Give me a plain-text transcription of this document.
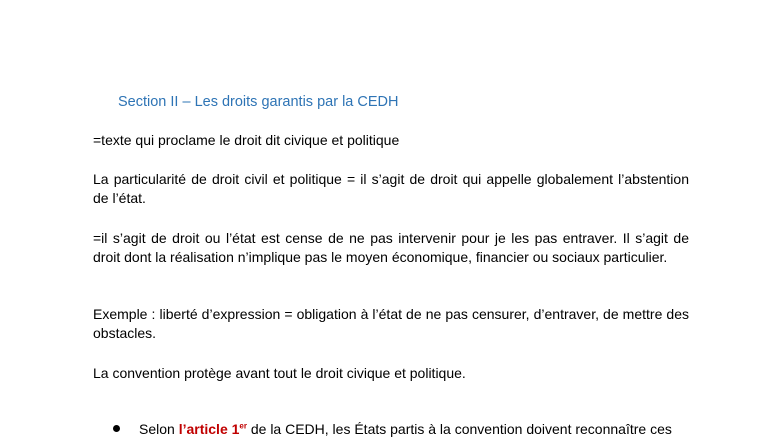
Section II – Les droits garantis par la CEDH
=texte qui proclame le droit dit civique et politique
La particularité de droit civil et politique = il s’agit de droit qui appelle globalement l’abstention de l’état.
=il s’agit de droit ou l’état est cense de ne pas intervenir pour je les pas entraver. Il s’agit de droit dont la réalisation n’implique pas le moyen économique, financier ou sociaux particulier.
Exemple : liberté d’expression = obligation à l’état de ne pas censurer, d’entraver, de mettre des obstacles.
La convention protège avant tout le droit civique et politique.
Selon l’article 1er de la CEDH, les États partis à la convention doivent reconnaître ces
